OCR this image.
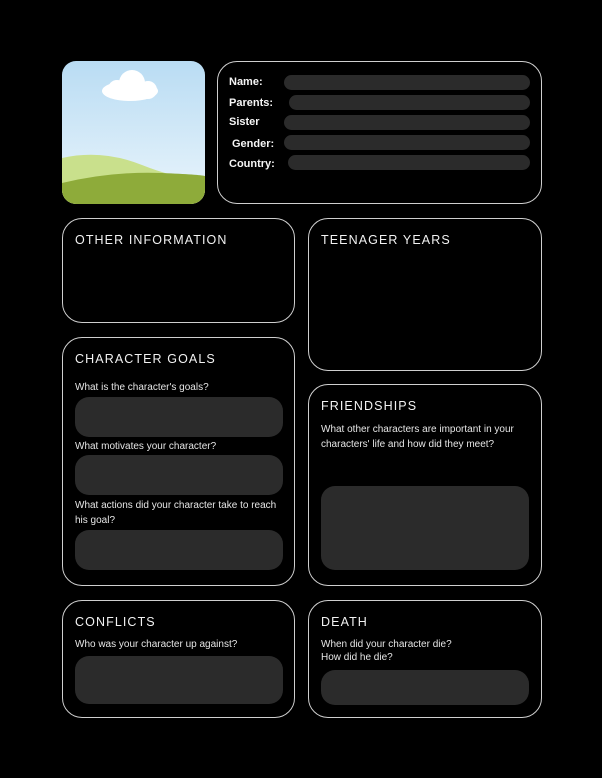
Name:
Parents:
Sister
Gender:
Country:
OTHER INFORMATION	TEENAGER YEARS
CHARACTER GOALS
What is the character's goals?
What motivates your character?
What actions did your character take to reach his goal?
FRIENDSHIPS
What other characters are important in your characters' life and how did they meet?
CONFLICTS
Who was your character up against?
DEATH
When did your character die?
How did he die?
